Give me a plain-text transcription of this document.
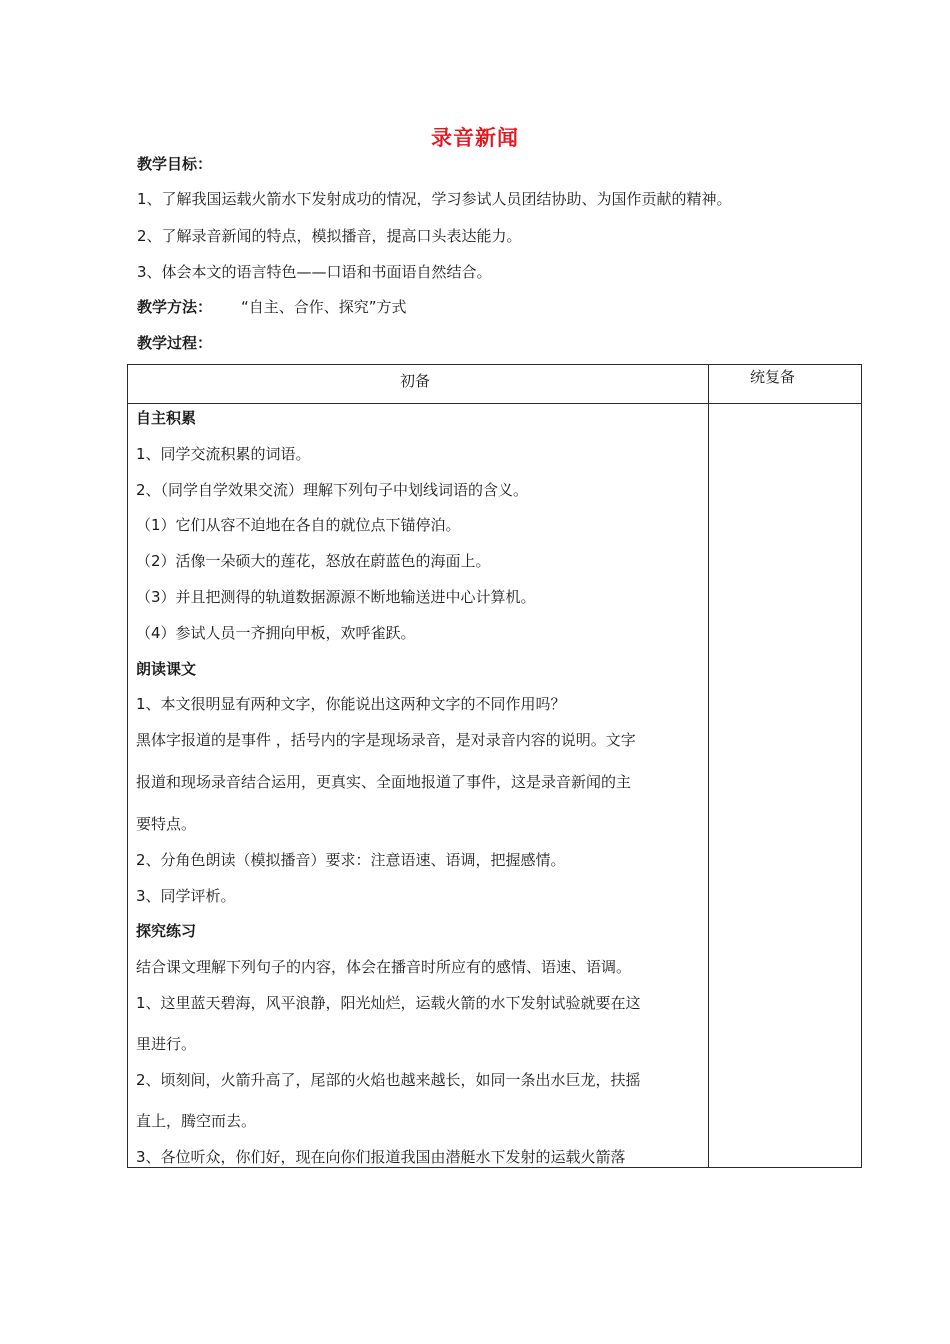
录音新闻
教学目标：
1、了解我国运载火箭水下发射成功的情况，学习参试人员团结协助、为国作贡献的精神。
2、了解录音新闻的特点，模拟播音，提高口头表达能力。
3、体会本文的语言特色——口语和书面语自然结合。
教学方法： “自主、合作、探究”方式
教学过程：
初备	统复备
自主积累
1、同学交流积累的词语。
2、（同学自学效果交流）理解下列句子中划线词语的含义。
（1）它们从容不迫地在各自的就位点下锚停泊。
（2）活像一朵硕大的莲花，怒放在蔚蓝色的海面上。
（3）并且把测得的轨道数据源源不断地输送进中心计算机。
（4）参试人员一齐拥向甲板，欢呼雀跃。
朗读课文
1、本文很明显有两种文字，你能说出这两种文字的不同作用吗？
黑体字报道的是事件 ，括号内的字是现场录音，是对录音内容的说明。文字
报道和现场录音结合运用，更真实、全面地报道了事件，这是录音新闻的主
要特点。
2、分角色朗读（模拟播音）要求：注意语速、语调，把握感情。
3、同学评析。
探究练习
结合课文理解下列句子的内容，体会在播音时所应有的感情、语速、语调。
1、这里蓝天碧海，风平浪静，阳光灿烂，运载火箭的水下发射试验就要在这
里进行。
2、顷刻间，火箭升高了，尾部的火焰也越来越长，如同一条出水巨龙，扶摇
直上，腾空而去。
3、各位听众，你们好，现在向你们报道我国由潜艇水下发射的运载火箭落
